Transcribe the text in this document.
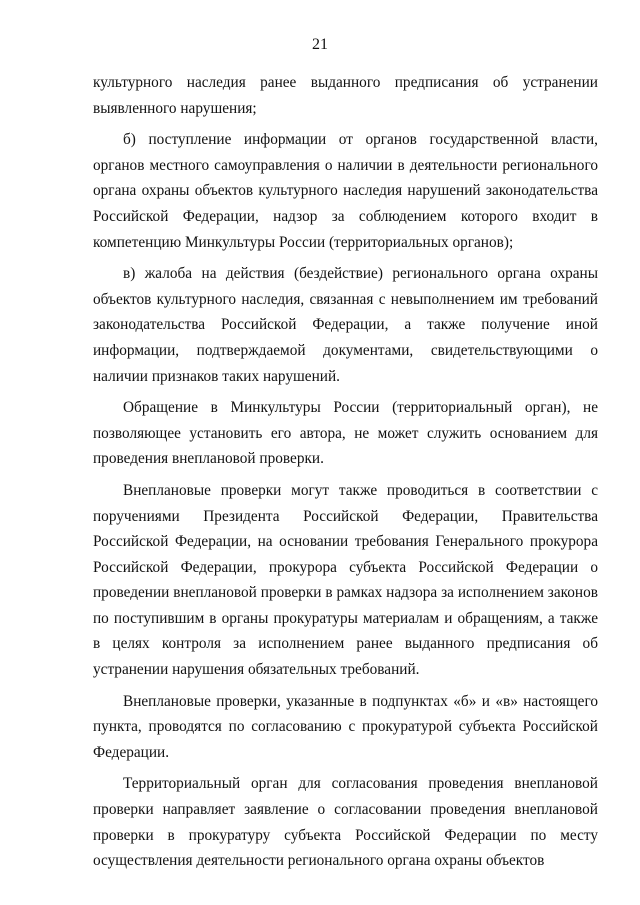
21

культурного наследия ранее выданного предписания об устранении выявленного нарушения;

б) поступление информации от органов государственной власти, органов местного самоуправления о наличии в деятельности регионального органа охраны объектов культурного наследия нарушений законодательства Российской Федерации, надзор за соблюдением которого входит в компетенцию Минкультуры России (территориальных органов);

в) жалоба на действия (бездействие) регионального органа охраны объектов культурного наследия, связанная с невыполнением им требований законодательства Российской Федерации, а также получение иной информации, подтверждаемой документами, свидетельствующими о наличии признаков таких нарушений.

Обращение в Минкультуры России (территориальный орган), не позволяющее установить его автора, не может служить основанием для проведения внеплановой проверки.

Внеплановые проверки могут также проводиться в соответствии с поручениями Президента Российской Федерации, Правительства Российской Федерации, на основании требования Генерального прокурора Российской Федерации, прокурора субъекта Российской Федерации о проведении внеплановой проверки в рамках надзора за исполнением законов по поступившим в органы прокуратуры материалам и обращениям, а также в целях контроля за исполнением ранее выданного предписания об устранении нарушения обязательных требований.

Внеплановые проверки, указанные в подпунктах «б» и «в» настоящего пункта, проводятся по согласованию с прокуратурой субъекта Российской Федерации.

Территориальный орган для согласования проведения внеплановой проверки направляет заявление о согласовании проведения внеплановой проверки в прокуратуру субъекта Российской Федерации по месту осуществления деятельности регионального органа охраны объектов
